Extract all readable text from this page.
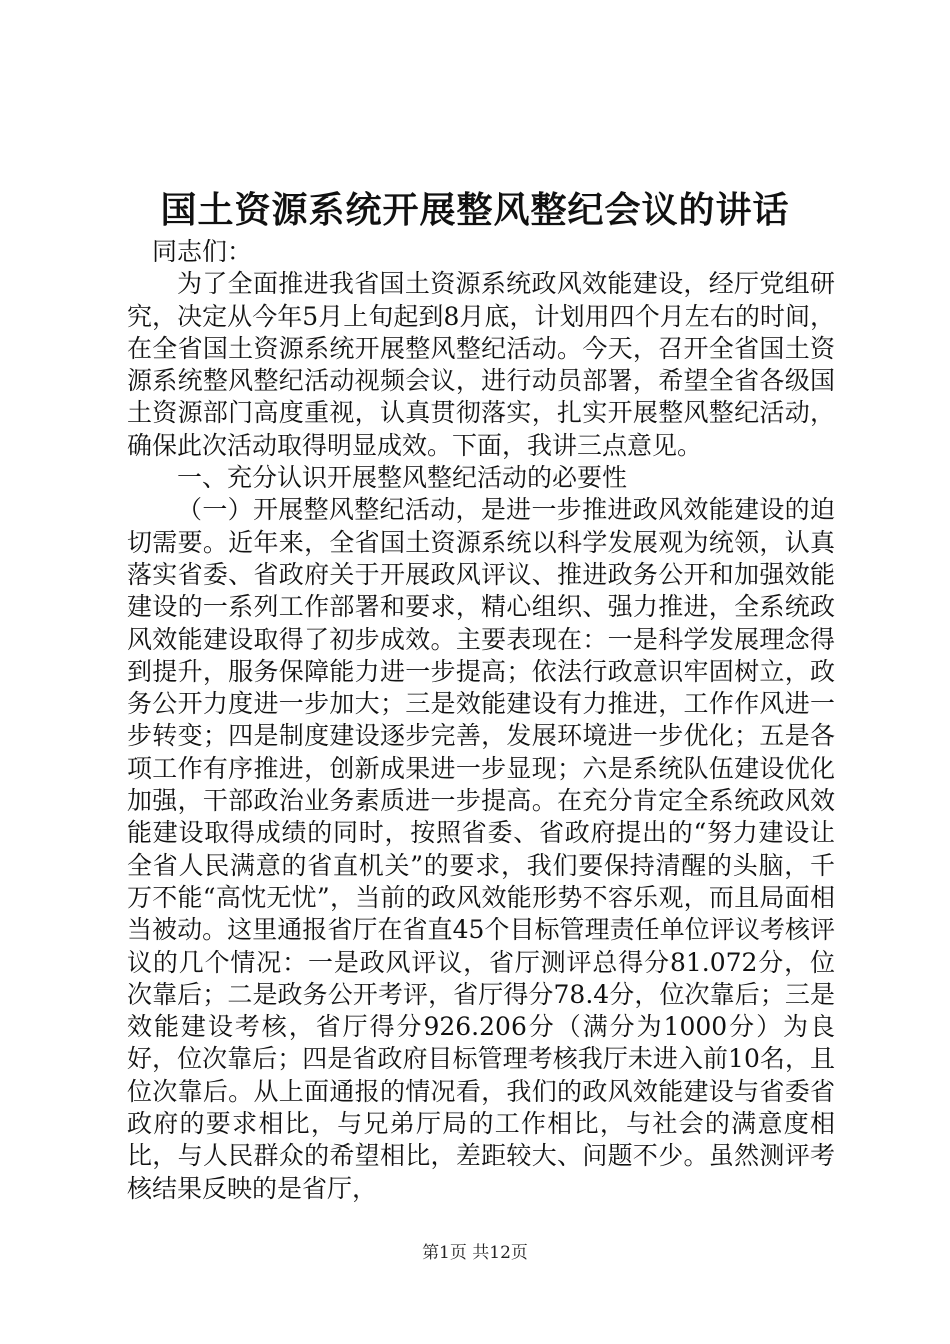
国土资源系统开展整风整纪会议的讲话

同志们：

为了全面推进我省国土资源系统政风效能建设，经厅党组研究，决定从今年5月上旬起到8月底，计划用四个月左右的时间，在全省国土资源系统开展整风整纪活动。今天，召开全省国土资源系统整风整纪活动视频会议，进行动员部署，希望全省各级国土资源部门高度重视，认真贯彻落实，扎实开展整风整纪活动，确保此次活动取得明显成效。下面，我讲三点意见。

一、充分认识开展整风整纪活动的必要性

（一）开展整风整纪活动，是进一步推进政风效能建设的迫切需要。近年来，全省国土资源系统以科学发展观为统领，认真落实省委、省政府关于开展政风评议、推进政务公开和加强效能建设的一系列工作部署和要求，精心组织、强力推进，全系统政风效能建设取得了初步成效。主要表现在：一是科学发展理念得到提升，服务保障能力进一步提高；依法行政意识牢固树立，政务公开力度进一步加大；三是效能建设有力推进，工作作风进一步转变；四是制度建设逐步完善，发展环境进一步优化；五是各项工作有序推进，创新成果进一步显现；六是系统队伍建设优化加强，干部政治业务素质进一步提高。在充分肯定全系统政风效能建设取得成绩的同时，按照省委、省政府提出的“努力建设让全省人民满意的省直机关”的要求，我们要保持清醒的头脑，千万不能“高忱无忧”，当前的政风效能形势不容乐观，而且局面相当被动。这里通报省厅在省直45个目标管理责任单位评议考核评议的几个情况：一是政风评议，省厅测评总得分81.072分，位次靠后；二是政务公开考评，省厅得分78.4分，位次靠后；三是效能建设考核，省厅得分926.206分（满分为1000分）为良好，位次靠后；四是省政府目标管理考核我厅未进入前10名，且位次靠后。从上面通报的情况看，我们的政风效能建设与省委省政府的要求相比，与兄弟厅局的工作相比，与社会的满意度相比，与人民群众的希望相比，差距较大、问题不少。虽然测评考核结果反映的是省厅，

第1页 共12页
